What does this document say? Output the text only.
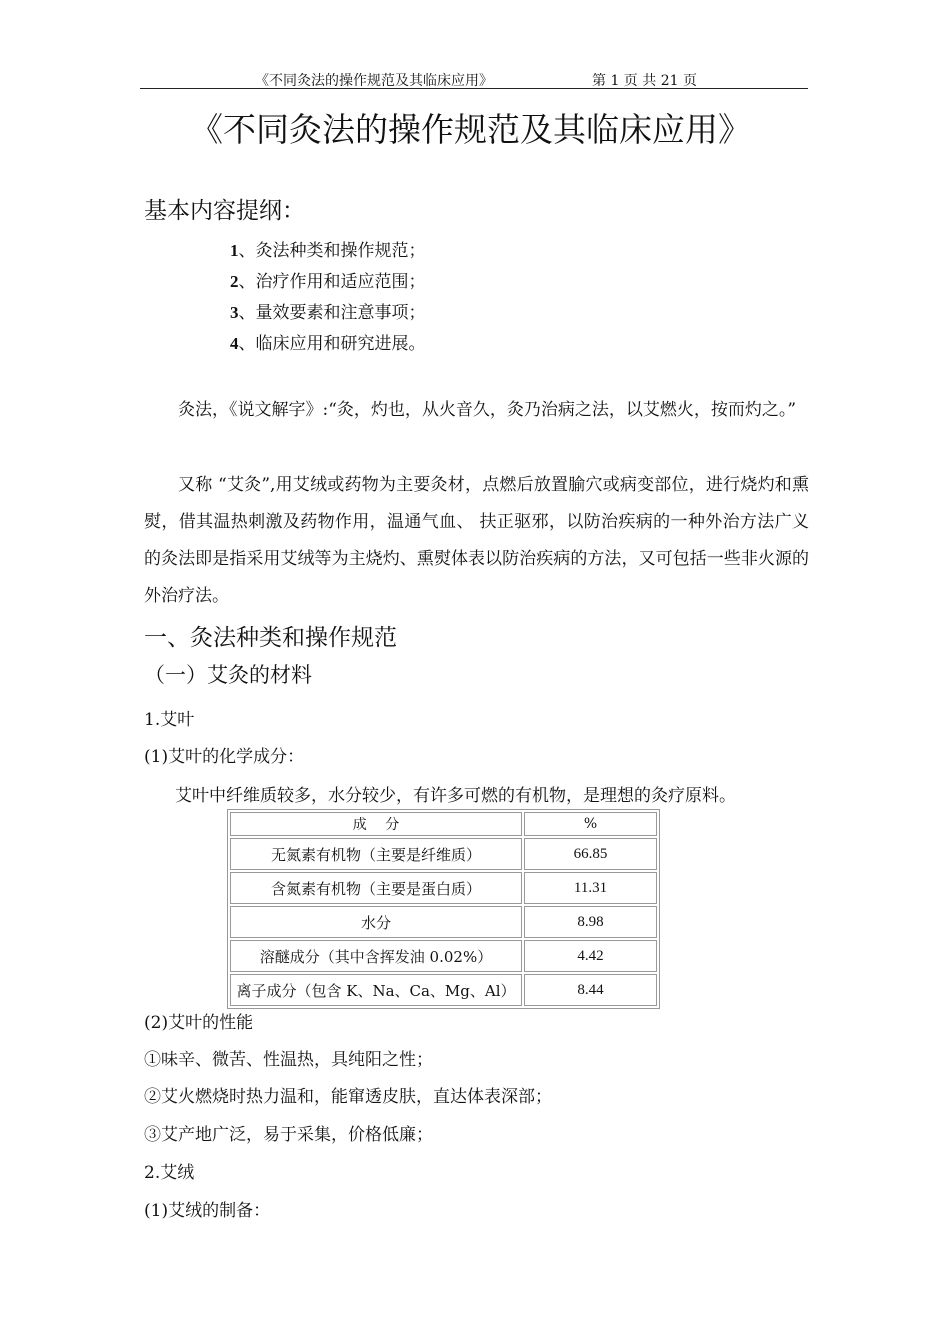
《不同灸法的操作规范及其临床应用》	第 1 页 共 21 页
《不同灸法的操作规范及其临床应用》
基本内容提纲：
1、灸法种类和操作规范；
2、治疗作用和适应范围；
3、量效要素和注意事项；
4、临床应用和研究进展。
灸法，《说文解字》:“灸，灼也，从火音久，灸乃治病之法，以艾燃火，按而灼之。”
又称 “艾灸”,用艾绒或药物为主要灸材，点燃后放置腧穴或病变部位，进行烧灼和熏熨，借其温热刺激及药物作用，温通气血、 扶正驱邪，以防治疾病的一种外治方法广义的灸法即是指采用艾绒等为主烧灼、熏熨体表以防治疾病的方法，又可包括一些非火源的外治疗法。
一、灸法种类和操作规范
（一）艾灸的材料
1.艾叶
(1)艾叶的化学成分：
艾叶中纤维质较多，水分较少，有许多可燃的有机物，是理想的灸疗原料。
成　 分	%
无氮素有机物（主要是纤维质）	66.85
含氮素有机物（主要是蛋白质）	11.31
水分	8.98
溶醚成分（其中含挥发油 0.02%）	4.42
离子成分（包含 K、Na、Ca、Mg、Al）	8.44
(2)艾叶的性能
①味辛、微苦、性温热，具纯阳之性；
②艾火燃烧时热力温和，能窜透皮肤，直达体表深部；
③艾产地广泛，易于采集，价格低廉；
2.艾绒
(1)艾绒的制备：
